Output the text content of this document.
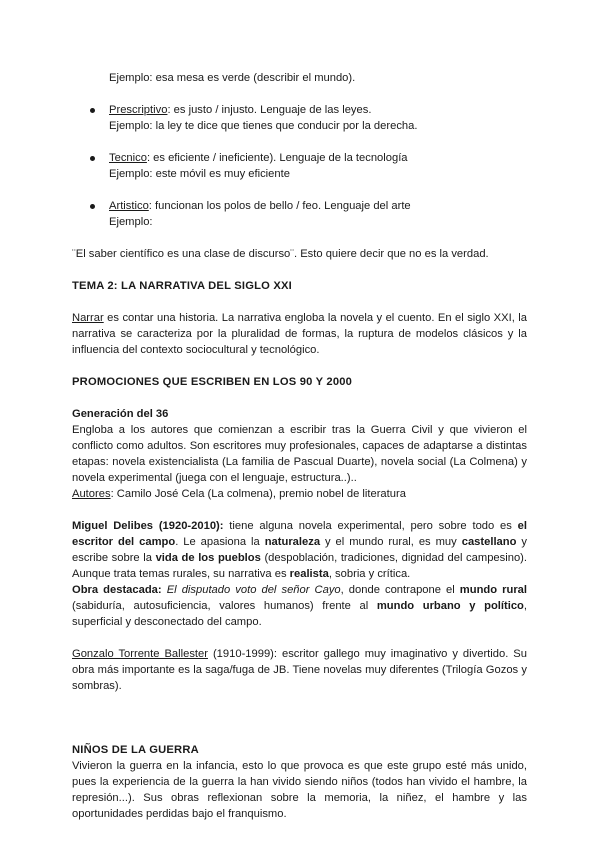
Ejemplo: esa mesa es verde (describir el mundo).

Prescriptivo: es justo / injusto. Lenguaje de las leyes.

Ejemplo: la ley te dice que tienes que conducir por la derecha.

Tecnico: es eficiente / ineficiente). Lenguaje de la tecnología

Ejemplo: este móvil es muy eficiente

Artistico: funcionan los polos de bello / feo. Lenguaje del arte

Ejemplo:

¨El saber científico es una clase de discurso¨. Esto quiere decir que no es la verdad.

TEMA 2: LA NARRATIVA DEL SIGLO XXI

Narrar es contar una historia. La narrativa engloba la novela y el cuento. En el siglo XXI, la narrativa se caracteriza por la pluralidad de formas, la ruptura de modelos clásicos y la influencia del contexto sociocultural y tecnológico.

PROMOCIONES QUE ESCRIBEN EN LOS 90 Y 2000

Generación del 36

Engloba a los autores que comienzan a escribir tras la Guerra Civil y que vivieron el conflicto como adultos. Son escritores muy profesionales, capaces de adaptarse a distintas etapas: novela existencialista (La familia de Pascual Duarte), novela social (La Colmena) y novela experimental (juega con el lenguaje, estructura..)..

Autores: Camilo José Cela (La colmena), premio nobel de literatura

Miguel Delibes (1920-2010): tiene alguna novela experimental, pero sobre todo es el escritor del campo. Le apasiona la naturaleza y el mundo rural, es muy castellano y escribe sobre la vida de los pueblos (despoblación, tradiciones, dignidad del campesino). Aunque trata temas rurales, su narrativa es realista, sobria y crítica.

Obra destacada: El disputado voto del señor Cayo, donde contrapone el mundo rural (sabiduría, autosuficiencia, valores humanos) frente al mundo urbano y político, superficial y desconectado del campo.

Gonzalo Torrente Ballester (1910-1999): escritor gallego muy imaginativo y divertido. Su obra más importante es la saga/fuga de JB. Tiene novelas muy diferentes (Trilogía Gozos y sombras).

NIÑOS DE LA GUERRA

Vivieron la guerra en la infancia, esto lo que provoca es que este grupo esté más unido, pues la experiencia de la guerra la han vivido siendo niños (todos han vivido el hambre, la represión...). Sus obras reflexionan sobre la memoria, la niñez, el hambre y las oportunidades perdidas bajo el franquismo.
